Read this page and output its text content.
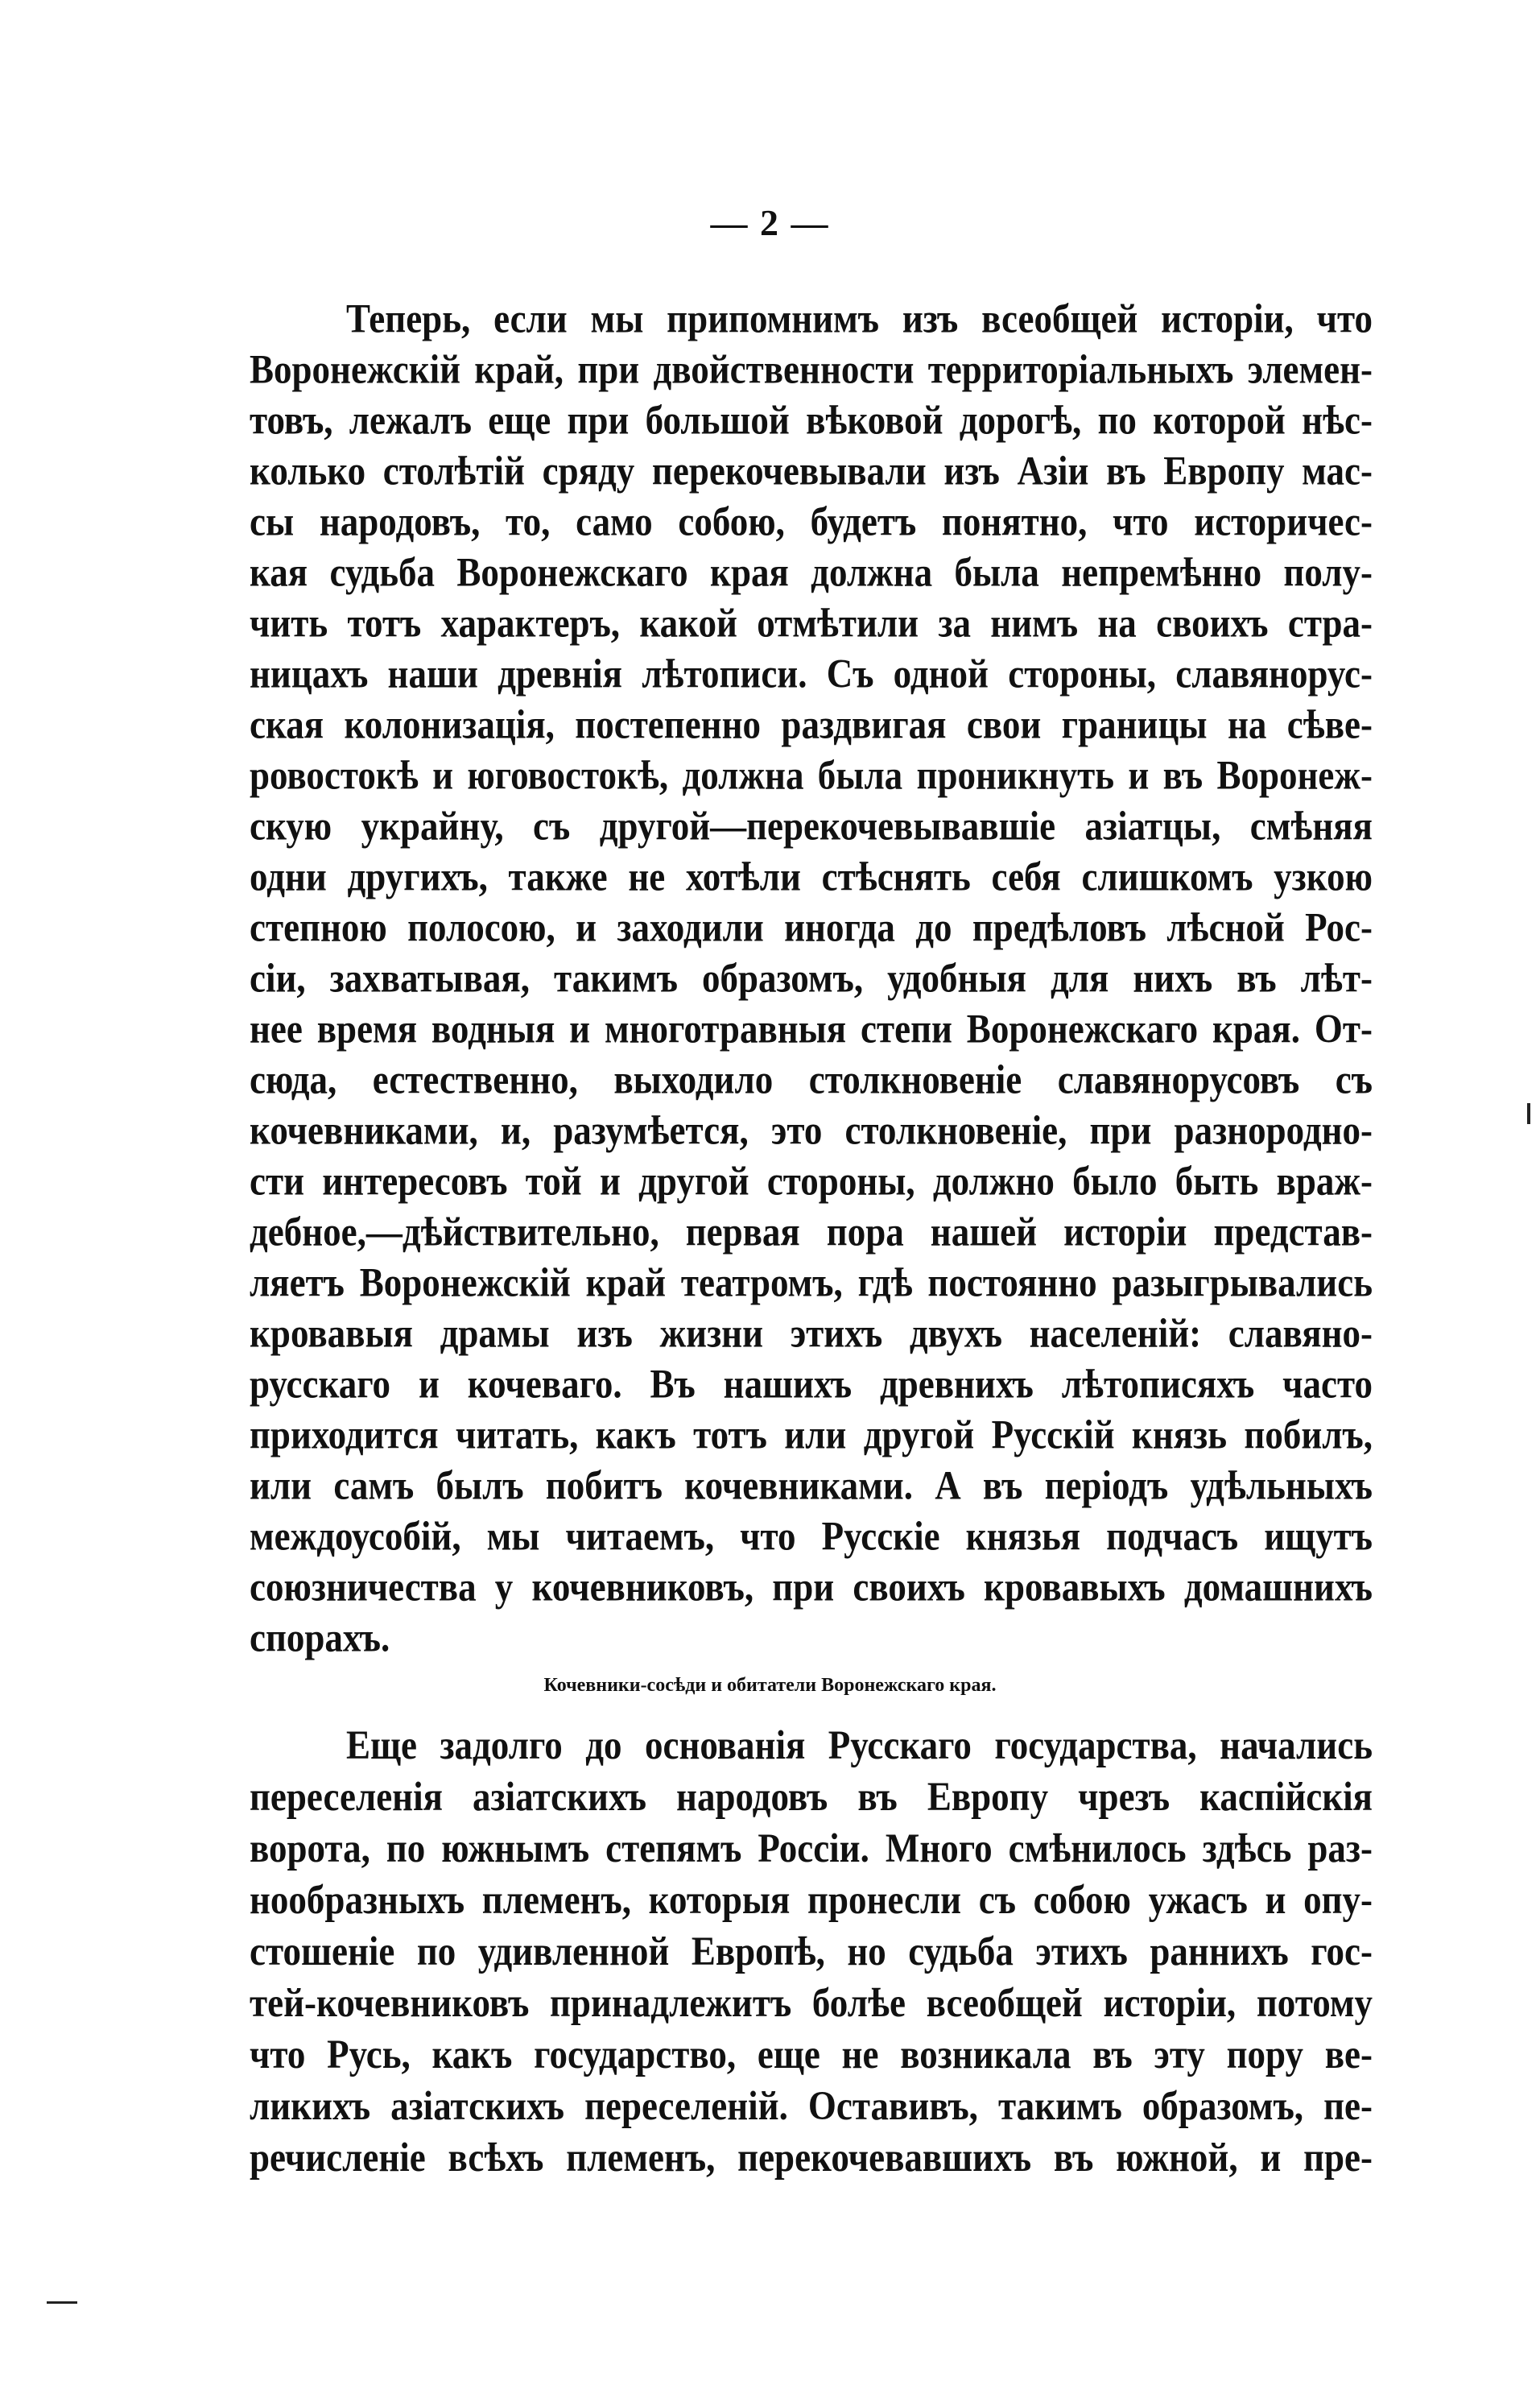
— 2 —
Теперь, если мы припомнимъ изъ всеобщей исторіи, что
Воронежскій край, при двойственности территоріальныхъ элемен-
товъ, лежалъ еще при большой вѣковой дорогѣ, по которой нѣс-
колько столѣтій сряду перекочевывали изъ Азіи въ Европу мас-
сы народовъ, то, само собою, будетъ понятно, что историчес-
кая судьба Воронежскаго края должна была непремѣнно полу-
чить тотъ характеръ, какой отмѣтили за нимъ на своихъ стра-
ницахъ наши древнія лѣтописи. Съ одной стороны, славянорус-
ская колонизація, постепенно раздвигая свои границы на сѣве-
ровостокѣ и юговостокѣ, должна была проникнуть и въ Воронеж-
скую украйну, съ другой—перекочевывавшіе азіатцы, смѣняя
одни другихъ, также не хотѣли стѣснять себя слишкомъ узкою
степною полосою, и заходили иногда до предѣловъ лѣсной Рос-
сіи, захватывая, такимъ образомъ, удобныя для нихъ въ лѣт-
нее время водныя и многотравныя степи Воронежскаго края. От-
сюда, естественно, выходило столкновеніе славянорусовъ съ
кочевниками, и, разумѣется, это столкновеніе, при разнородно-
сти интересовъ той и другой стороны, должно было быть враж-
дебное,—дѣйствительно, первая пора нашей исторіи представ-
ляетъ Воронежскій край театромъ, гдѣ постоянно разыгрывались
кровавыя драмы изъ жизни этихъ двухъ населеній: славяно-
русскаго и кочеваго. Въ нашихъ древнихъ лѣтописяхъ часто
приходится читать, какъ тотъ или другой Русскій князь побилъ,
или самъ былъ побитъ кочевниками. А въ періодъ удѣльныхъ
междоусобій, мы читаемъ, что Русскіе князья подчасъ ищутъ
союзничества у кочевниковъ, при своихъ кровавыхъ домашнихъ
спорахъ.
Кочевники-сосѣди и обитатели Воронежскаго края.
Еще задолго до основанія Русскаго государства, начались
переселенія азіатскихъ народовъ въ Европу чрезъ каспійскія
ворота, по южнымъ степямъ Россіи. Много смѣнилось здѣсь раз-
нообразныхъ племенъ, которыя пронесли съ собою ужасъ и опу-
стошеніе по удивленной Европѣ, но судьба этихъ раннихъ гос-
тей-кочевниковъ принадлежитъ болѣе всеобщей исторіи, потому
что Русь, какъ государство, еще не возникала въ эту пору ве-
ликихъ азіатскихъ переселеній. Оставивъ, такимъ образомъ, пе-
речисленіе всѣхъ племенъ, перекочевавшихъ въ южной, и пре-
